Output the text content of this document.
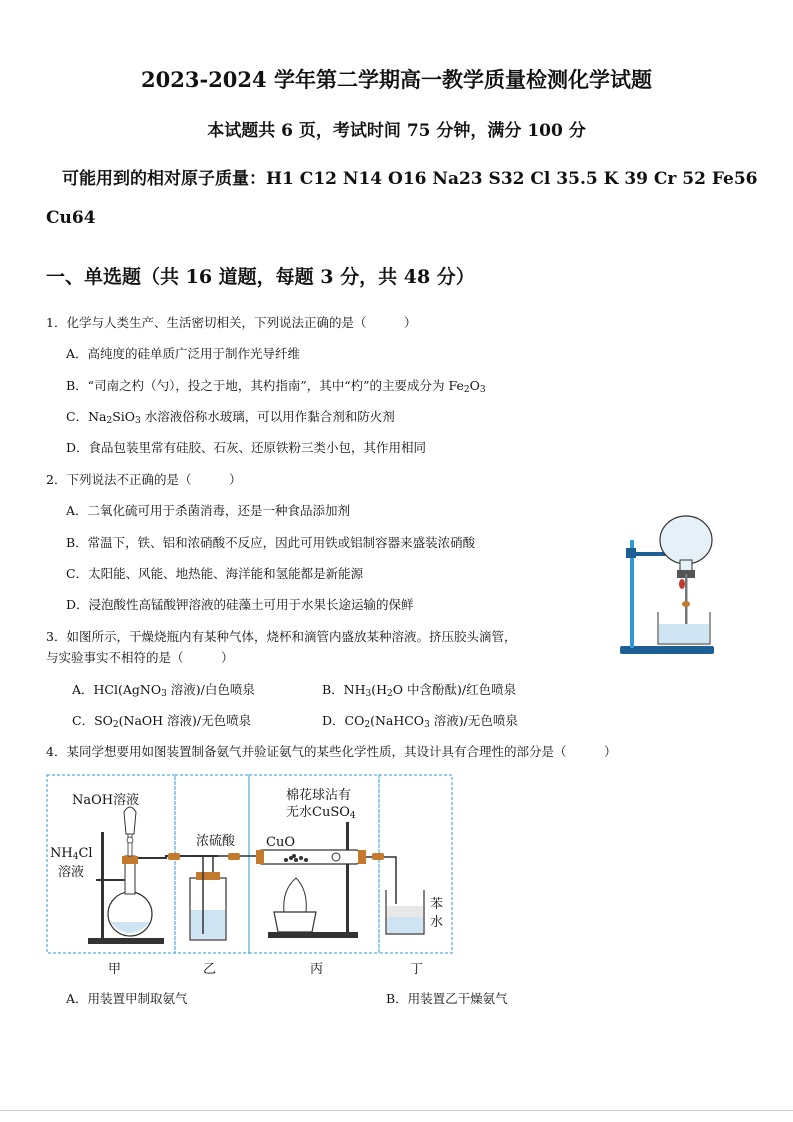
2023-2024 学年第二学期高一教学质量检测化学试题
本试题共 6 页，考试时间 75 分钟，满分 100 分
可能用到的相对原子质量：H1 C12 N14 O16 Na23 S32 Cl 35.5 K 39 Cr 52 Fe56
Cu64
一、单选题（共 16 道题，每题 3 分，共 48 分）
1．化学与人类生产、生活密切相关，下列说法正确的是（　　　）
A．高纯度的硅单质广泛用于制作光导纤维
B．“司南之杓（勺），投之于地，其杓指南”，其中“杓”的主要成分为 $Fe_2O_3$
C．$Na_2SiO_3$ 水溶液俗称水玻璃，可以用作黏合剂和防火剂
D．食品包装里常有硅胶、石灰、还原铁粉三类小包，其作用相同
2．下列说法不正确的是（　　　）
A．二氧化硫可用于杀菌消毒，还是一种食品添加剂
B．常温下，铁、铝和浓硝酸不反应，因此可用铁或铝制容器来盛装浓硝酸
C．太阳能、风能、地热能、海洋能和氢能都是新能源
D．浸泡酸性高锰酸钾溶液的硅藻土可用于水果长途运输的保鲜
3．如图所示，干燥烧瓶内有某种气体，烧杯和滴管内盛放某种溶液。挤压胶头滴管，
与实验事实不相符的是（　　　）
A．HCl(AgNO$_3$ 溶液)/白色喷泉	B．$NH_3(H_2O$ 中含酚酞)/红色喷泉
C．$SO_2(NaOH$ 溶液)/无色喷泉	D．$CO_2(NaHCO_3$ 溶液)/无色喷泉
4．某同学想要用如图装置制备氨气并验证氨气的某些化学性质，其设计具有合理性的部分是（　　　）
NaOH溶液
$NH_4Cl$
溶液
浓硫酸
棉花球沾有
无水CuSO$_4$
CuO
苯
水
甲	乙	丙	丁
A．用装置甲制取氨气	B．用装置乙干燥氨气
